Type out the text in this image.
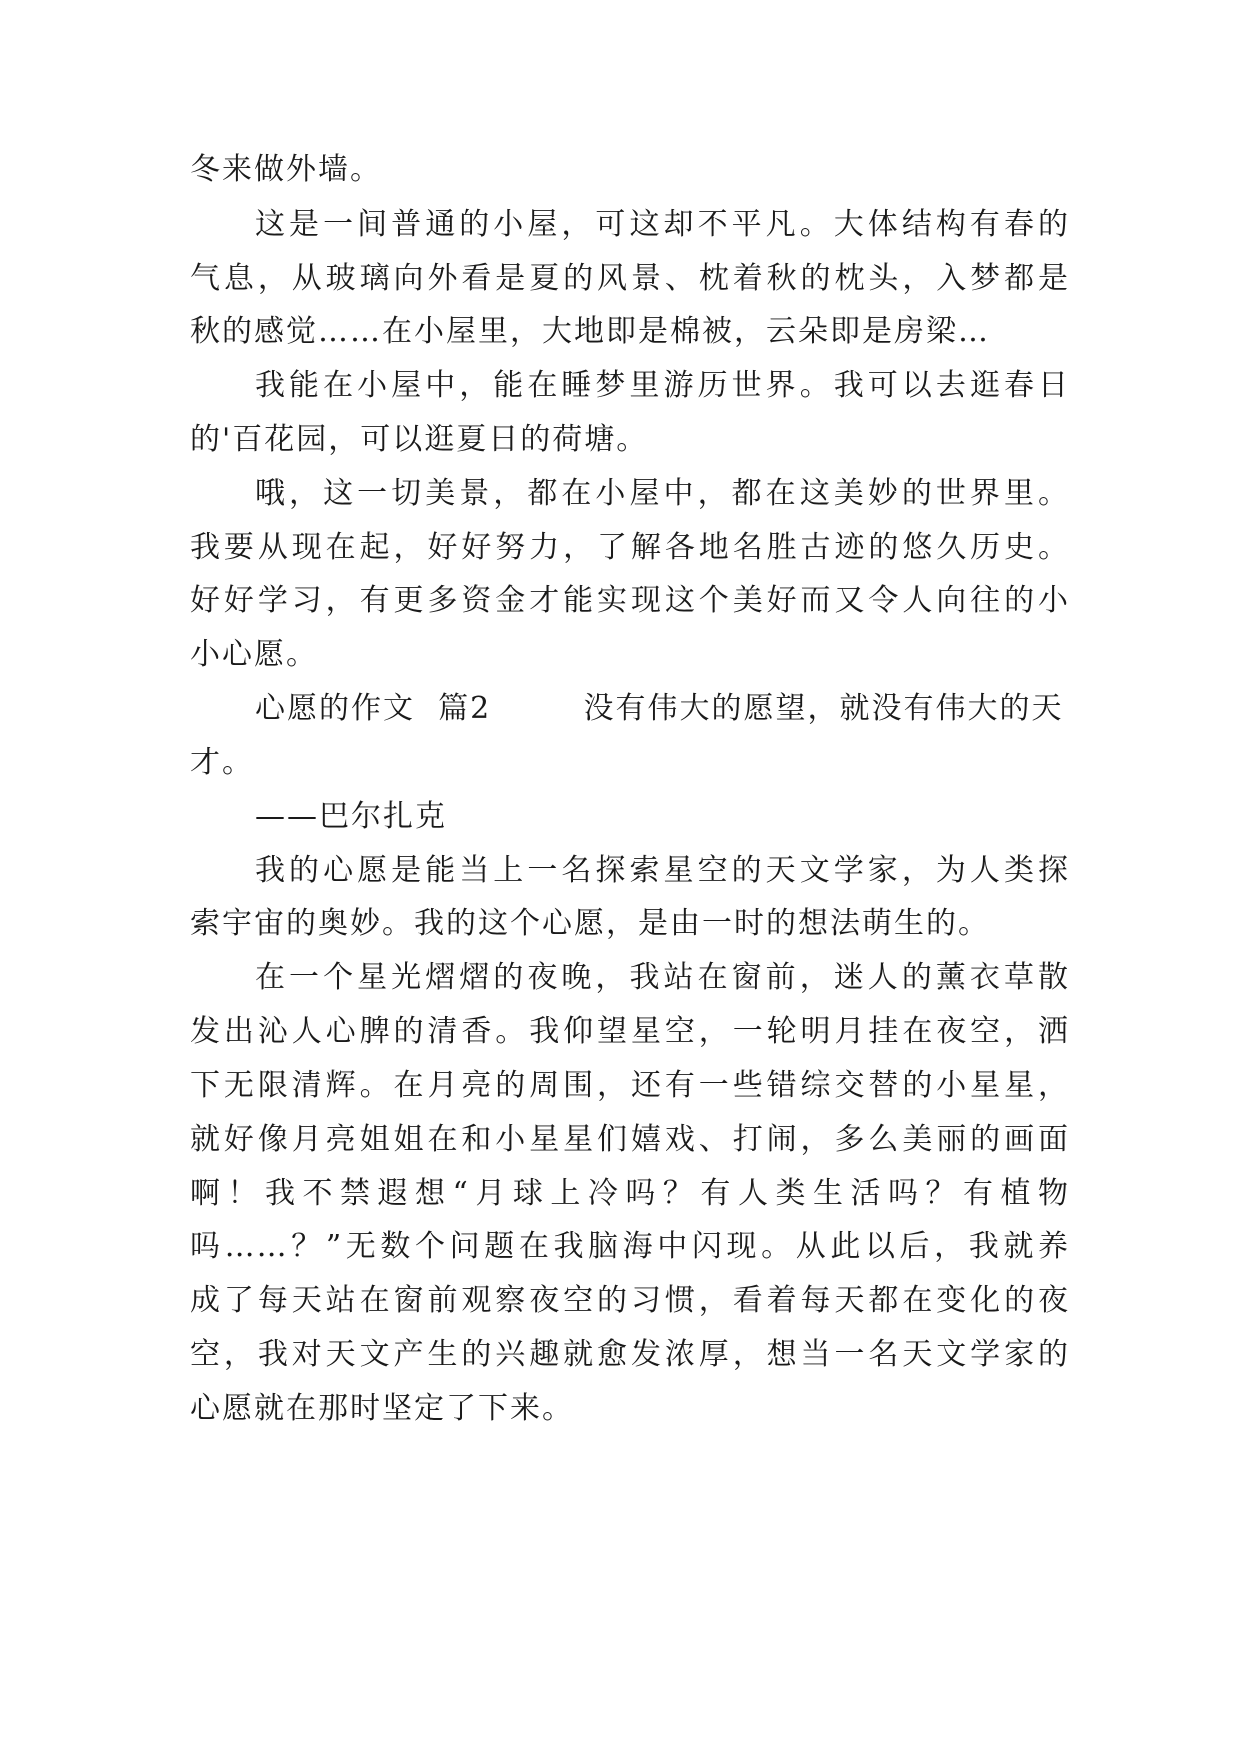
冬来做外墙。
这是一间普通的小屋，可这却不平凡。大体结构有春的
气息，从玻璃向外看是夏的风景、枕着秋的枕头，入梦都是
秋的感觉……在小屋里，大地即是棉被，云朵即是房梁…
我能在小屋中，能在睡梦里游历世界。我可以去逛春日
的'百花园，可以逛夏日的荷塘。
哦，这一切美景，都在小屋中，都在这美妙的世界里。
我要从现在起，好好努力，了解各地名胜古迹的悠久历史。
好好学习，有更多资金才能实现这个美好而又令人向往的小
小心愿。
心愿的作文  篇2        没有伟大的愿望，就没有伟大的天
才。
——巴尔扎克
我的心愿是能当上一名探索星空的天文学家，为人类探
索宇宙的奥妙。我的这个心愿，是由一时的想法萌生的。
在一个星光熠熠的夜晚，我站在窗前，迷人的薰衣草散
发出沁人心脾的清香。我仰望星空，一轮明月挂在夜空，洒
下无限清辉。在月亮的周围，还有一些错综交替的小星星，
就好像月亮姐姐在和小星星们嬉戏、打闹，多么美丽的画面
啊！我不禁遐想“月球上冷吗？有人类生活吗？有植物
吗……？”无数个问题在我脑海中闪现。从此以后，我就养
成了每天站在窗前观察夜空的习惯，看着每天都在变化的夜
空，我对天文产生的兴趣就愈发浓厚，想当一名天文学家的
心愿就在那时坚定了下来。
